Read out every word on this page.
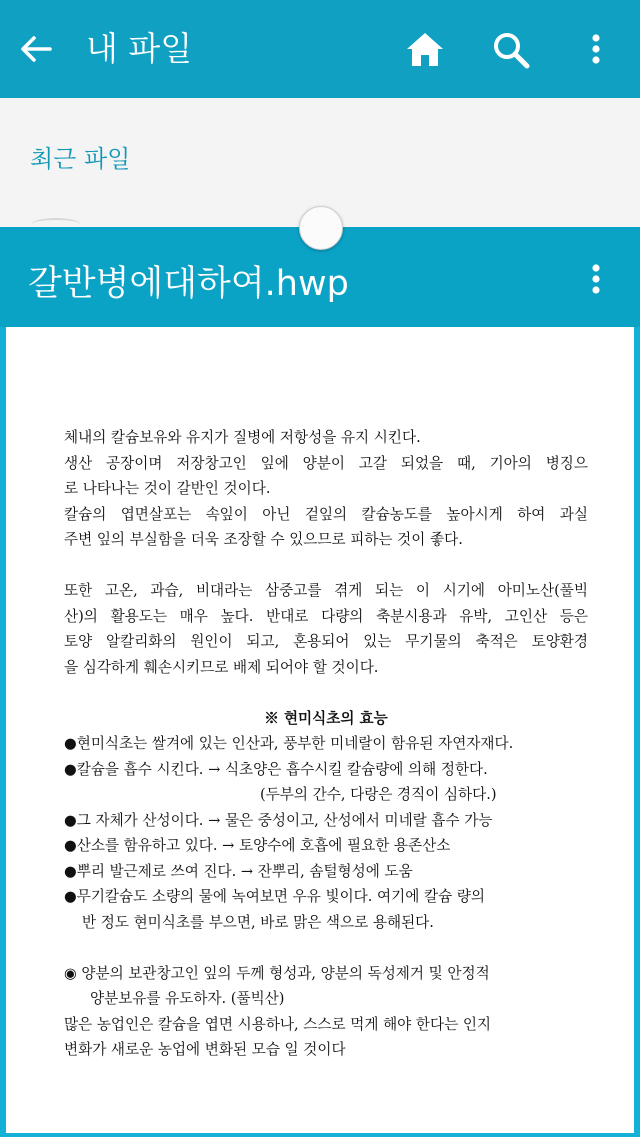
내 파일
최근 파일
갈반병에대하여.hwp

체내의 칼슘보유와 유지가 질병에 저항성을 유지 시킨다.

생산 공장이며 저장창고인 잎에 양분이 고갈 되었을 때, 기아의 병징으

로 나타나는 것이 갈반인 것이다.

칼슘의 엽면살포는 속잎이 아닌 겉잎의 칼슘농도를 높아시게 하여 과실

주변 잎의 부실함을 더욱 조장할 수 있으므로 피하는 것이 좋다.

또한 고온, 과습, 비대라는 삼중고를 겪게 되는 이 시기에 아미노산(풀빅

산)의 활용도는 매우 높다. 반대로 다량의 축분시용과 유박, 고인산 등은

토양 알칼리화의 원인이 되고, 혼용되어 있는 무기물의 축적은 토양환경

을 심각하게 훼손시키므로 배제 되어야 할 것이다.

※ 현미식초의 효능

●현미식초는 쌀겨에 있는 인산과, 풍부한 미네랄이 함유된 자연자재다.

●칼슘을 흡수 시킨다. → 식초양은 흡수시킬 칼슘량에 의해 정한다.

(두부의 간수, 다랑은 경직이 심하다.)

●그 자체가 산성이다. → 물은 중성이고, 산성에서 미네랄 흡수 가능

●산소를 함유하고 있다. → 토양수에 호흡에 필요한 용존산소

●뿌리 발근제로 쓰여 진다. → 잔뿌리, 솜털형성에 도움

●무기칼슘도 소량의 물에 녹여보면 우유 빛이다. 여기에 칼슘 량의

반 정도 현미식초를 부으면, 바로 맑은 색으로 용해된다.

◉ 양분의 보관창고인 잎의 두께 형성과, 양분의 독성제거 및 안정적

양분보유를 유도하자. (풀빅산)

많은 농업인은 칼슘을 엽면 시용하나, 스스로 먹게 해야 한다는 인지

변화가 새로운 농업에 변화된 모습 일 것이다
